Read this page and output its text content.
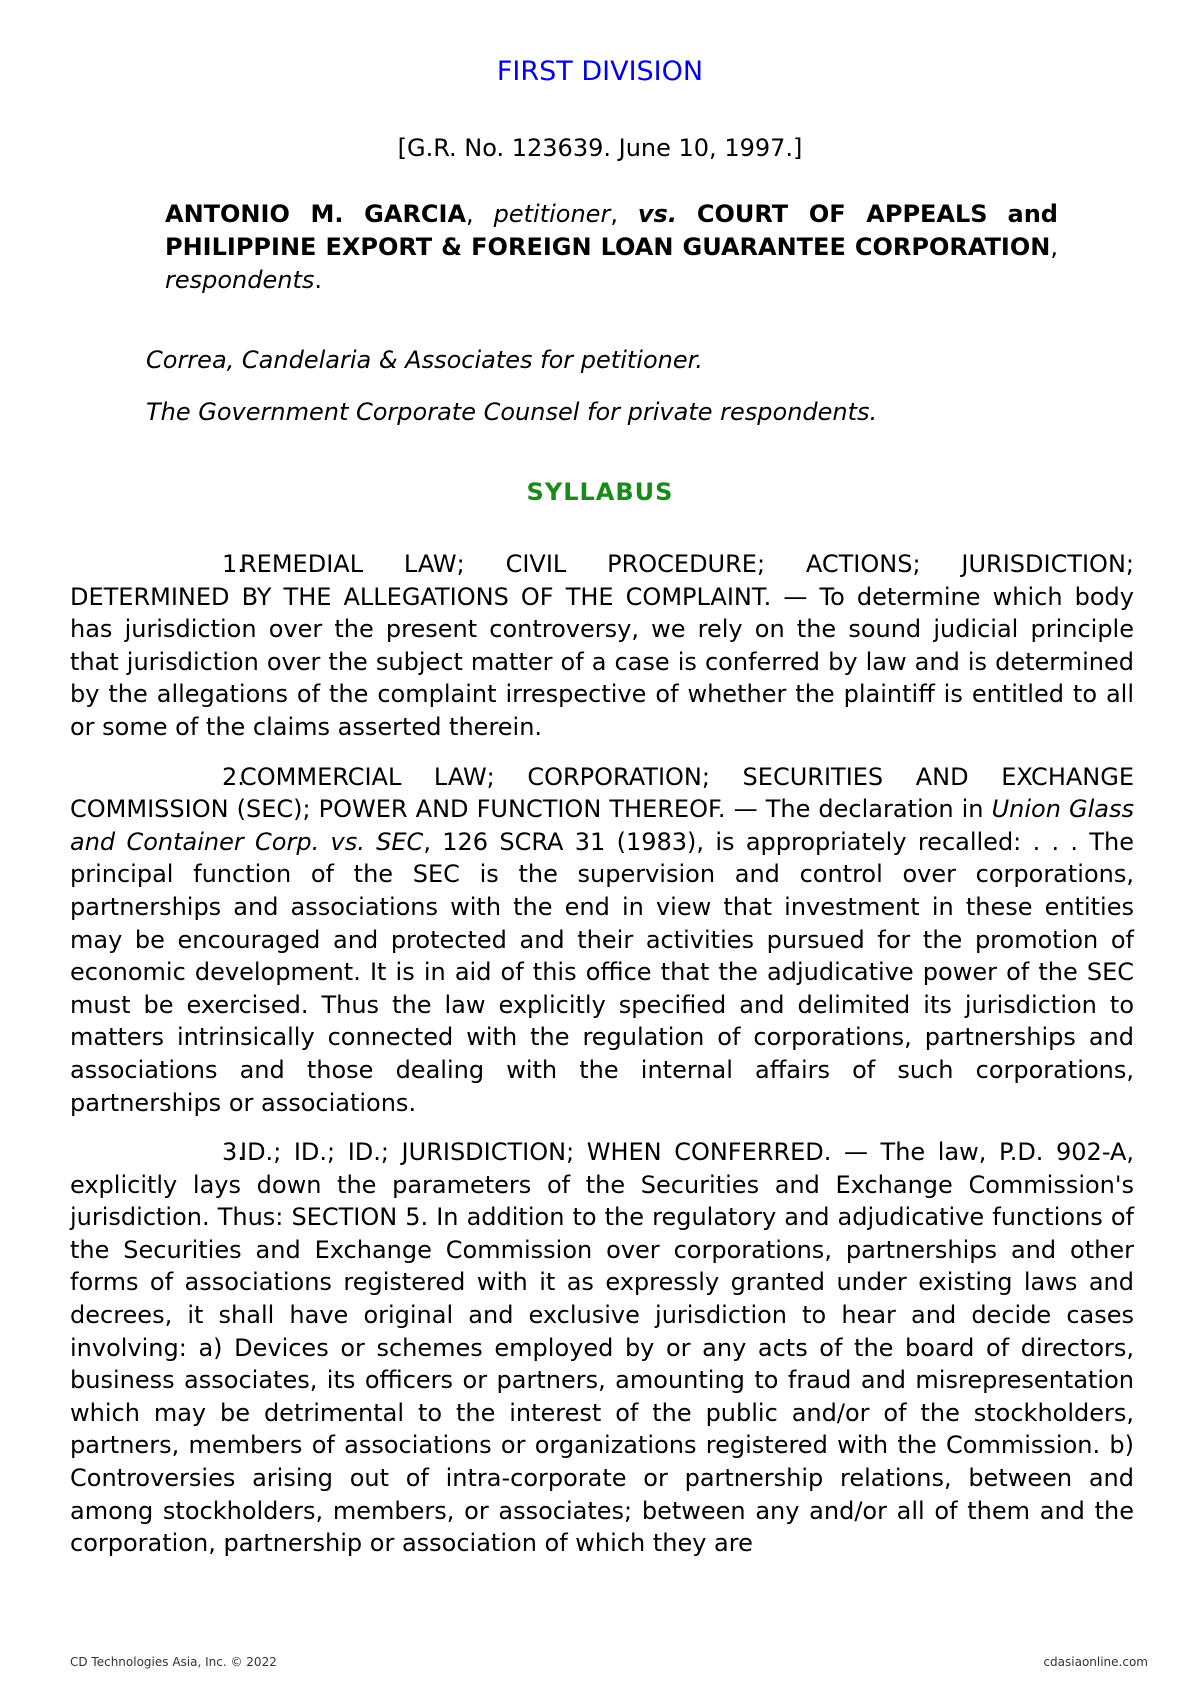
FIRST DIVISION
[G.R. No. 123639. June 10, 1997.]
ANTONIO M. GARCIA, petitioner, vs. COURT OF APPEALS and PHILIPPINE EXPORT & FOREIGN LOAN GUARANTEE CORPORATION, respondents.
Correa, Candelaria & Associates for petitioner.
The Government Corporate Counsel for private respondents.
SYLLABUS

1.REMEDIAL LAW; CIVIL PROCEDURE; ACTIONS; JURISDICTION; DETERMINED BY THE ALLEGATIONS OF THE COMPLAINT. — To determine which body has jurisdiction over the present controversy, we rely on the sound judicial principle that jurisdiction over the subject matter of a case is conferred by law and is determined by the allegations of the complaint irrespective of whether the plaintiff is entitled to all or some of the claims asserted therein.

2.COMMERCIAL LAW; CORPORATION; SECURITIES AND EXCHANGE COMMISSION (SEC); POWER AND FUNCTION THEREOF. — The declaration in Union Glass and Container Corp. vs. SEC, 126 SCRA 31 (1983), is appropriately recalled: . . . The principal function of the SEC is the supervision and control over corporations, partnerships and associations with the end in view that investment in these entities may be encouraged and protected and their activities pursued for the promotion of economic development. It is in aid of this office that the adjudicative power of the SEC must be exercised. Thus the law explicitly specified and delimited its jurisdiction to matters intrinsically connected with the regulation of corporations, partnerships and associations and those dealing with the internal affairs of such corporations, partnerships or associations.

3.ID.; ID.; ID.; JURISDICTION; WHEN CONFERRED. — The law, P.D. 902-A, explicitly lays down the parameters of the Securities and Exchange Commission's jurisdiction. Thus: SECTION 5. In addition to the regulatory and adjudicative functions of the Securities and Exchange Commission over corporations, partnerships and other forms of associations registered with it as expressly granted under existing laws and decrees, it shall have original and exclusive jurisdiction to hear and decide cases involving: a) Devices or schemes employed by or any acts of the board of directors, business associates, its officers or partners, amounting to fraud and misrepresentation which may be detrimental to the interest of the public and/or of the stockholders, partners, members of associations or organizations registered with the Commission. b) Controversies arising out of intra-corporate or partnership relations, between and among stockholders, members, or associates; between any and/or all of them and the corporation, partnership or association of which they are

CD Technologies Asia, Inc. © 2022	cdasiaonline.com
